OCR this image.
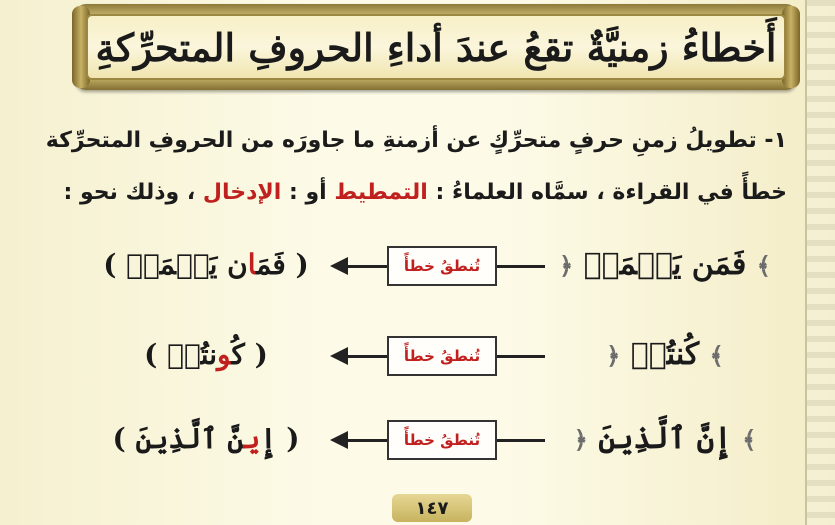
أَخطاءُ زمنيَّةٌ تقعُ عندَ أداءِ الحروفِ المتحرِّكةِ
١- تطويلُ زمنِ حرفٍ متحرِّكٍ عن أزمنةِ ما جاورَه من الحروفِ المتحرِّكة
خطأً في القراءة ، سمَّاه العلماءُ : التمطيط أو : الإدخال ، وذلك نحو :
﴾ فَمَن يَعۡمَلۡ ﴿
تُنطقُ خطأً
( فَمَان يَعۡمَلۡ )
﴾ كُنتُمۡ ﴿
تُنطقُ خطأً
( كُونتُمۡ )
﴾ إِنَّ ٱلَّذِينَ ﴿
تُنطقُ خطأً
( إِينَّ ٱلَّذِينَ )
١٤٧
